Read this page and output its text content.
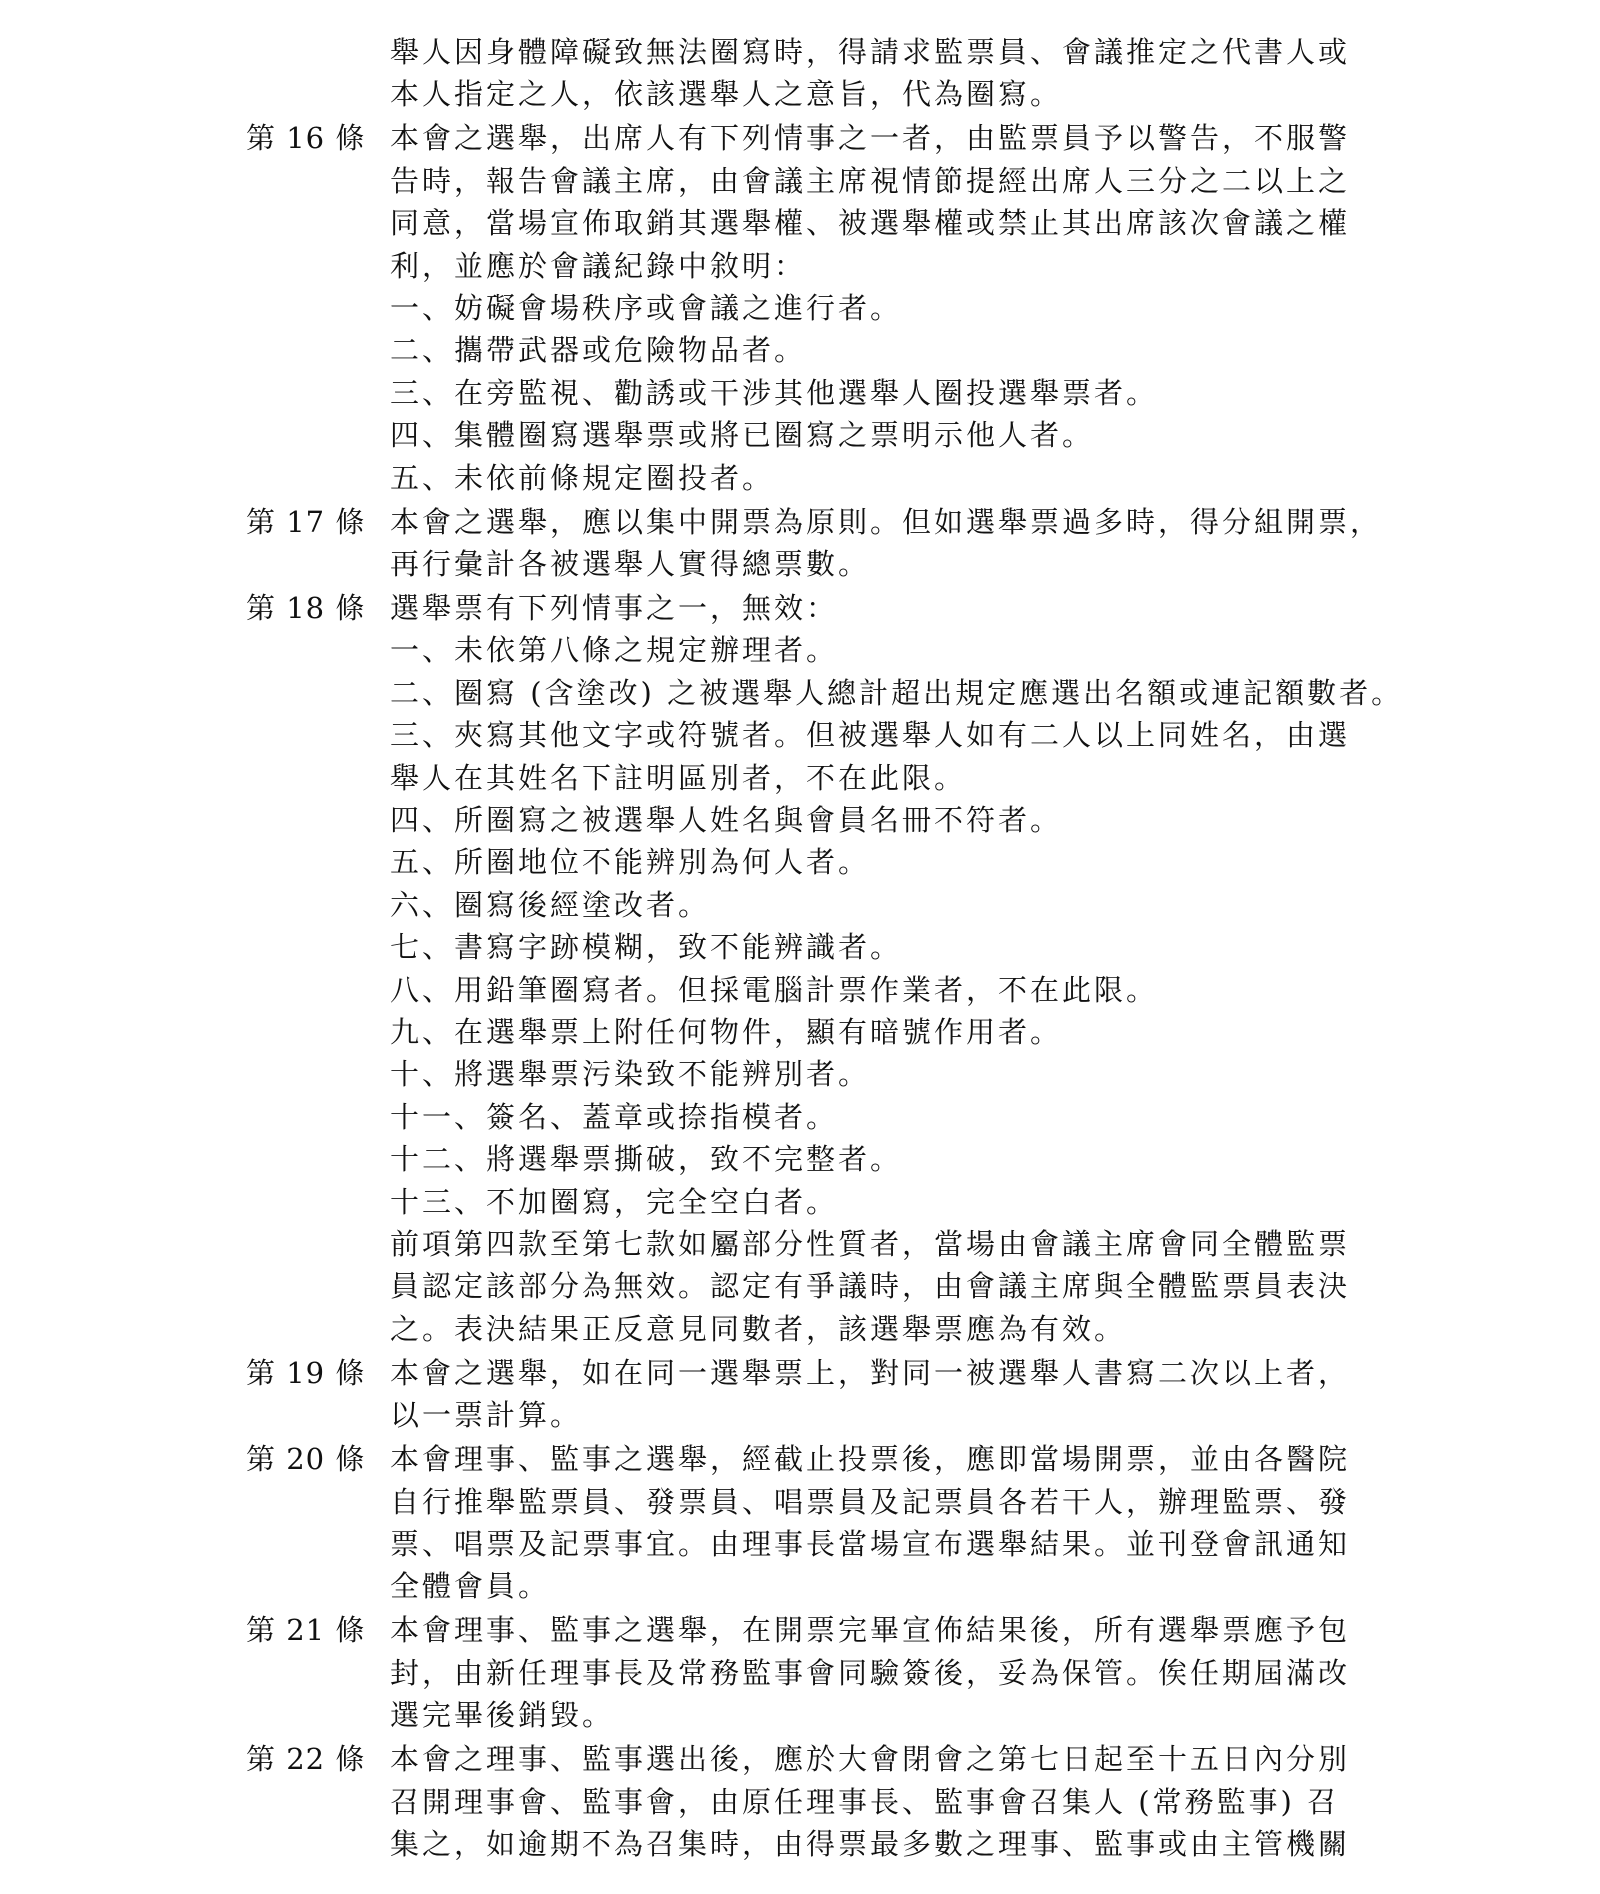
舉人因身體障礙致無法圈寫時，得請求監票員、會議推定之代書人或
本人指定之人，依該選舉人之意旨，代為圈寫。
第 16 條 本會之選舉，出席人有下列情事之一者，由監票員予以警告，不服警
告時，報告會議主席，由會議主席視情節提經出席人三分之二以上之
同意，當場宣佈取銷其選舉權、被選舉權或禁止其出席該次會議之權
利，並應於會議紀錄中敘明：
一、妨礙會場秩序或會議之進行者。
二、攜帶武器或危險物品者。
三、在旁監視、勸誘或干涉其他選舉人圈投選舉票者。
四、集體圈寫選舉票或將已圈寫之票明示他人者。
五、未依前條規定圈投者。
第 17 條 本會之選舉，應以集中開票為原則。但如選舉票過多時，得分組開票，
再行彙計各被選舉人實得總票數。
第 18 條 選舉票有下列情事之一，無效：
一、未依第八條之規定辦理者。
二、圈寫 (含塗改) 之被選舉人總計超出規定應選出名額或連記額數者。
三、夾寫其他文字或符號者。但被選舉人如有二人以上同姓名，由選
舉人在其姓名下註明區別者，不在此限。
四、所圈寫之被選舉人姓名與會員名冊不符者。
五、所圈地位不能辨別為何人者。
六、圈寫後經塗改者。
七、書寫字跡模糊，致不能辨識者。
八、用鉛筆圈寫者。但採電腦計票作業者，不在此限。
九、在選舉票上附任何物件，顯有暗號作用者。
十、將選舉票污染致不能辨別者。
十一、簽名、蓋章或捺指模者。
十二、將選舉票撕破，致不完整者。
十三、不加圈寫，完全空白者。
前項第四款至第七款如屬部分性質者，當場由會議主席會同全體監票
員認定該部分為無效。認定有爭議時，由會議主席與全體監票員表決
之。表決結果正反意見同數者，該選舉票應為有效。
第 19 條 本會之選舉，如在同一選舉票上，對同一被選舉人書寫二次以上者，
以一票計算。
第 20 條 本會理事、監事之選舉，經截止投票後，應即當場開票，並由各醫院
自行推舉監票員、發票員、唱票員及記票員各若干人，辦理監票、發
票、唱票及記票事宜。由理事長當場宣布選舉結果。並刊登會訊通知
全體會員。
第 21 條 本會理事、監事之選舉，在開票完畢宣佈結果後，所有選舉票應予包
封，由新任理事長及常務監事會同驗簽後，妥為保管。俟任期屆滿改
選完畢後銷毀。
第 22 條 本會之理事、監事選出後，應於大會閉會之第七日起至十五日內分別
召開理事會、監事會，由原任理事長、監事會召集人 (常務監事) 召
集之，如逾期不為召集時，由得票最多數之理事、監事或由主管機關
